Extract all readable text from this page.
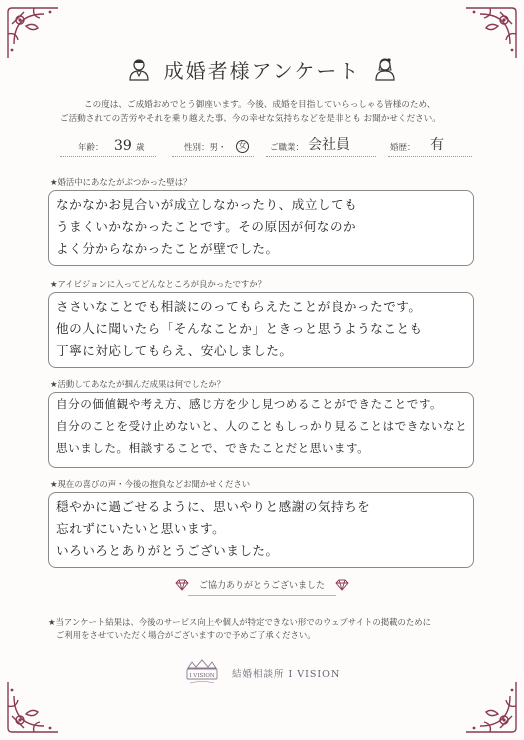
成婚者様アンケート
この度は、ご成婚おめでとう御座います。今後、成婚を目指していらっしゃる皆様のため、
ご活動されての苦労やそれを乗り越えた事、今の幸せな気持ちなどを是非とも お聞かせください。
年齢： 39 歳	性別：男・ 女	ご職業： 会社員	婚歴： 有
★婚活中にあなたがぶつかった壁は？
なかなかお見合いが成立しなかったり、成立しても
うまくいかなかったことです。その原因が何なのか
よく分からなかったことが壁でした。
★アイビジョンに入ってどんなところが良かったですか？
ささいなことでも相談にのってもらえたことが良かったです。
他の人に聞いたら「そんなことか」ときっと思うようなことも
丁寧に対応してもらえ、安心しました。
★活動してあなたが掴んだ成果は何でしたか？
自分の価値観や考え方、感じ方を少し見つめることができたことです。
自分のことを受け止めないと、人のこともしっかり見ることはできないなと
思いました。相談することで、できたことだと思います。
★現在の喜びの声・今後の抱負などお聞かせください
穏やかに過ごせるように、思いやりと感謝の気持ちを
忘れずにいたいと思います。
いろいろとありがとうございました。
ご協力ありがとうございました
★当アンケート結果は、今後のサービス向上や個人が特定できない形でのウェブサイトの掲載のために
ご利用をさせていただく場合がございますので予めご了承ください。
I VISION 結婚相談所 I VISION
